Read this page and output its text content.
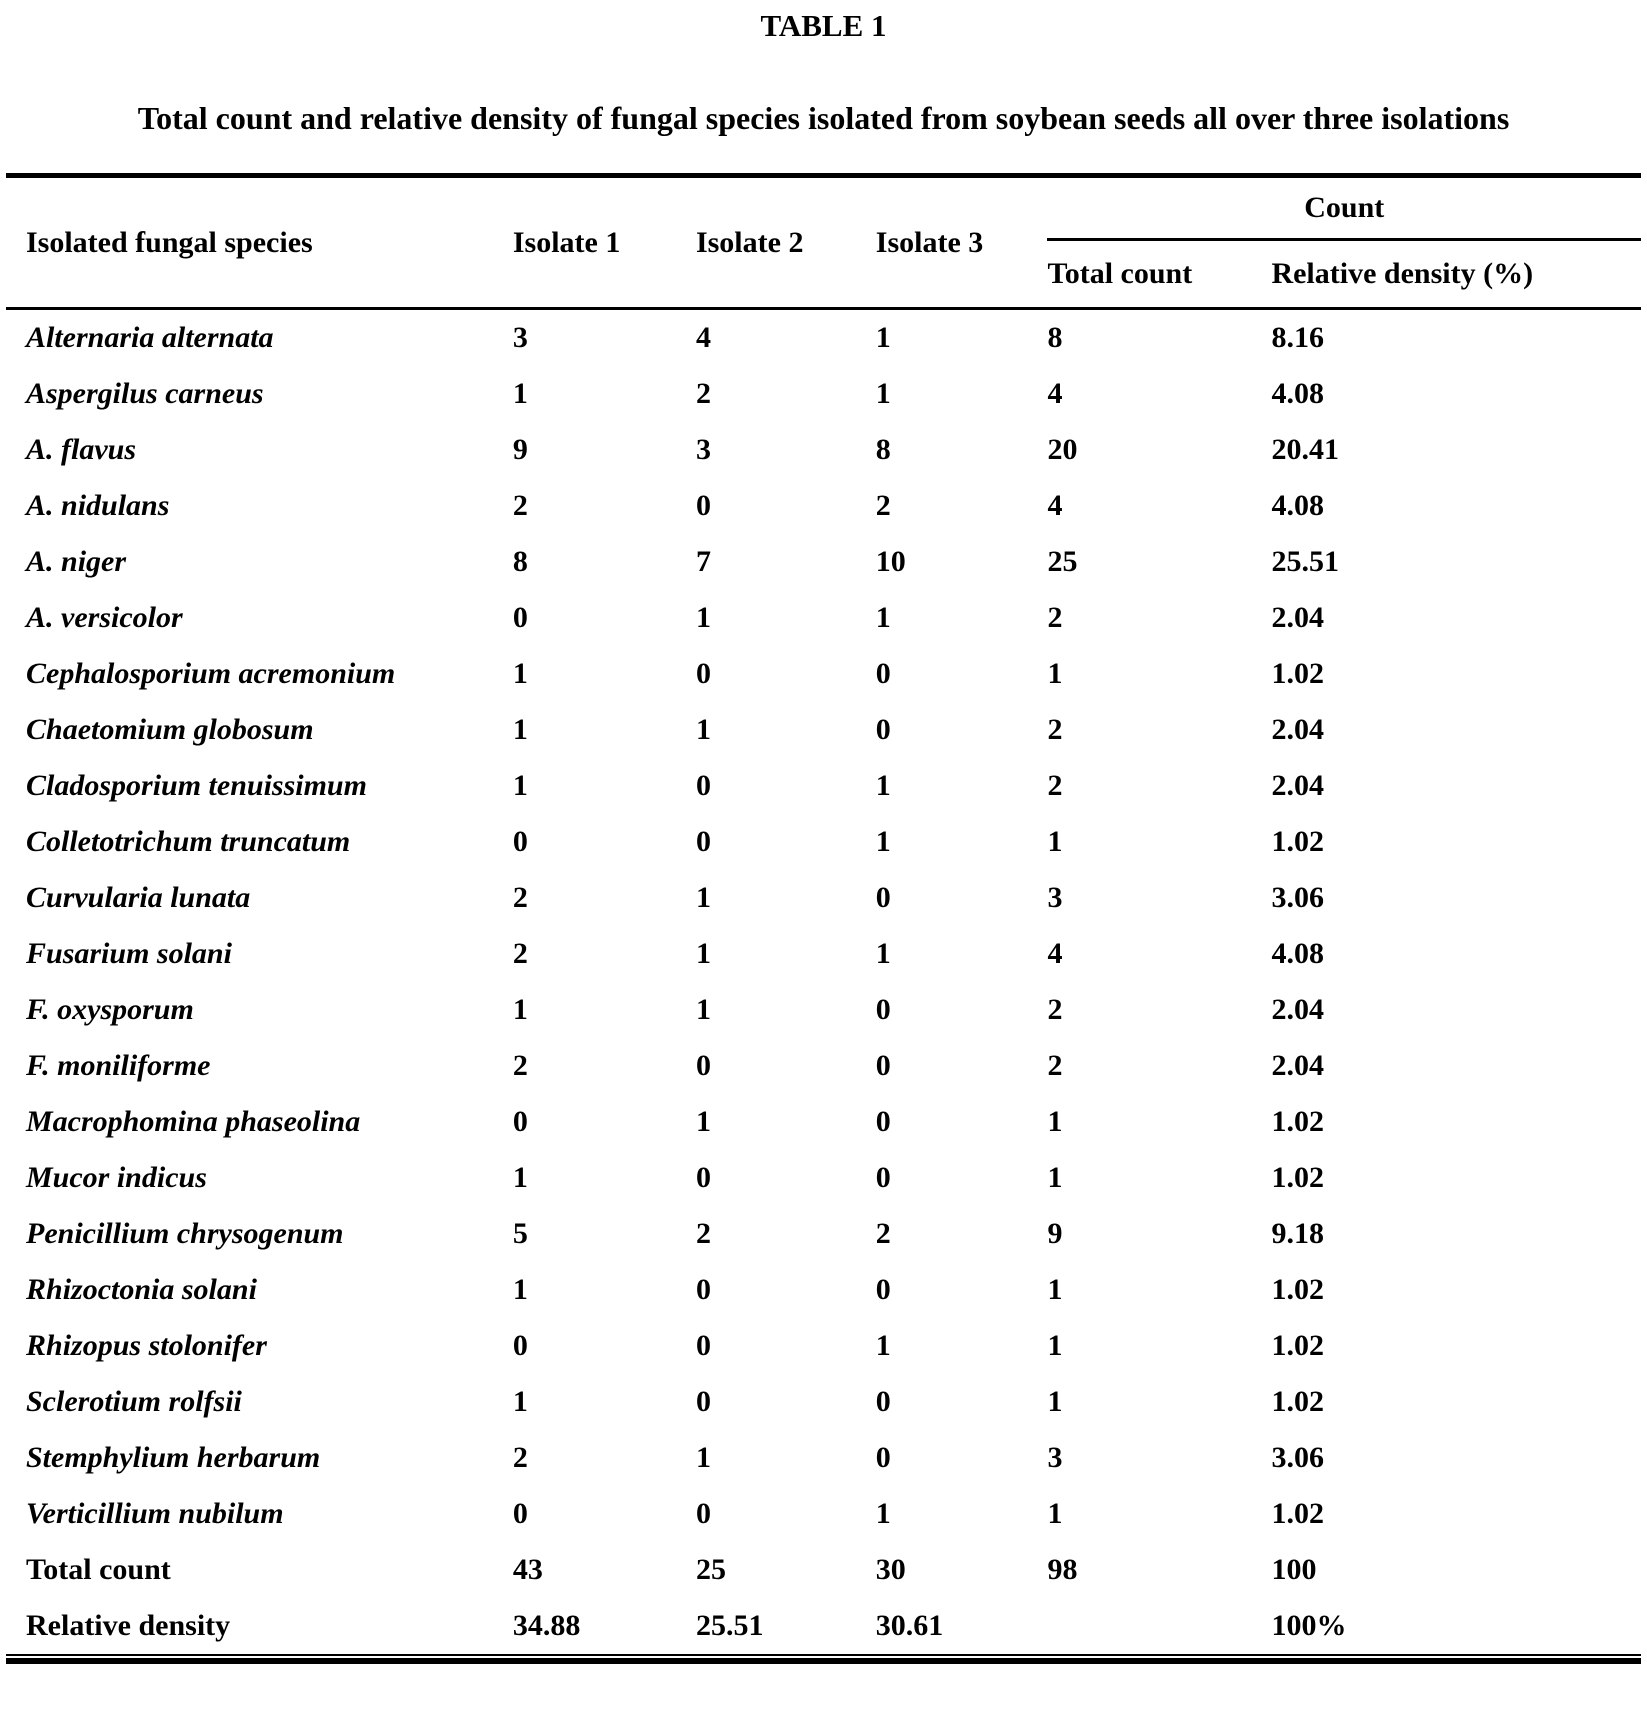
TABLE 1
Total count and relative density of fungal species isolated from soybean seeds all over three isolations
Isolated fungal species	Isolate 1	Isolate 2	Isolate 3	Count	
				Total count	Relative density (%)
Alternaria alternata	3	4	1	8	8.16
Aspergilus carneus	1	2	1	4	4.08
A. flavus	9	3	8	20	20.41
A. nidulans	2	0	2	4	4.08
A. niger	8	7	10	25	25.51
A. versicolor	0	1	1	2	2.04
Cephalosporium acremonium	1	0	0	1	1.02
Chaetomium globosum	1	1	0	2	2.04
Cladosporium tenuissimum	1	0	1	2	2.04
Colletotrichum truncatum	0	0	1	1	1.02
Curvularia lunata	2	1	0	3	3.06
Fusarium solani	2	1	1	4	4.08
F. oxysporum	1	1	0	2	2.04
F. moniliforme	2	0	0	2	2.04
Macrophomina phaseolina	0	1	0	1	1.02
Mucor indicus	1	0	0	1	1.02
Penicillium chrysogenum	5	2	2	9	9.18
Rhizoctonia solani	1	0	0	1	1.02
Rhizopus stolonifer	0	0	1	1	1.02
Sclerotium rolfsii	1	0	0	1	1.02
Stemphylium herbarum	2	1	0	3	3.06
Verticillium nubilum	0	0	1	1	1.02
Total count	43	25	30	98	100
Relative density	34.88	25.51	30.61		100%
